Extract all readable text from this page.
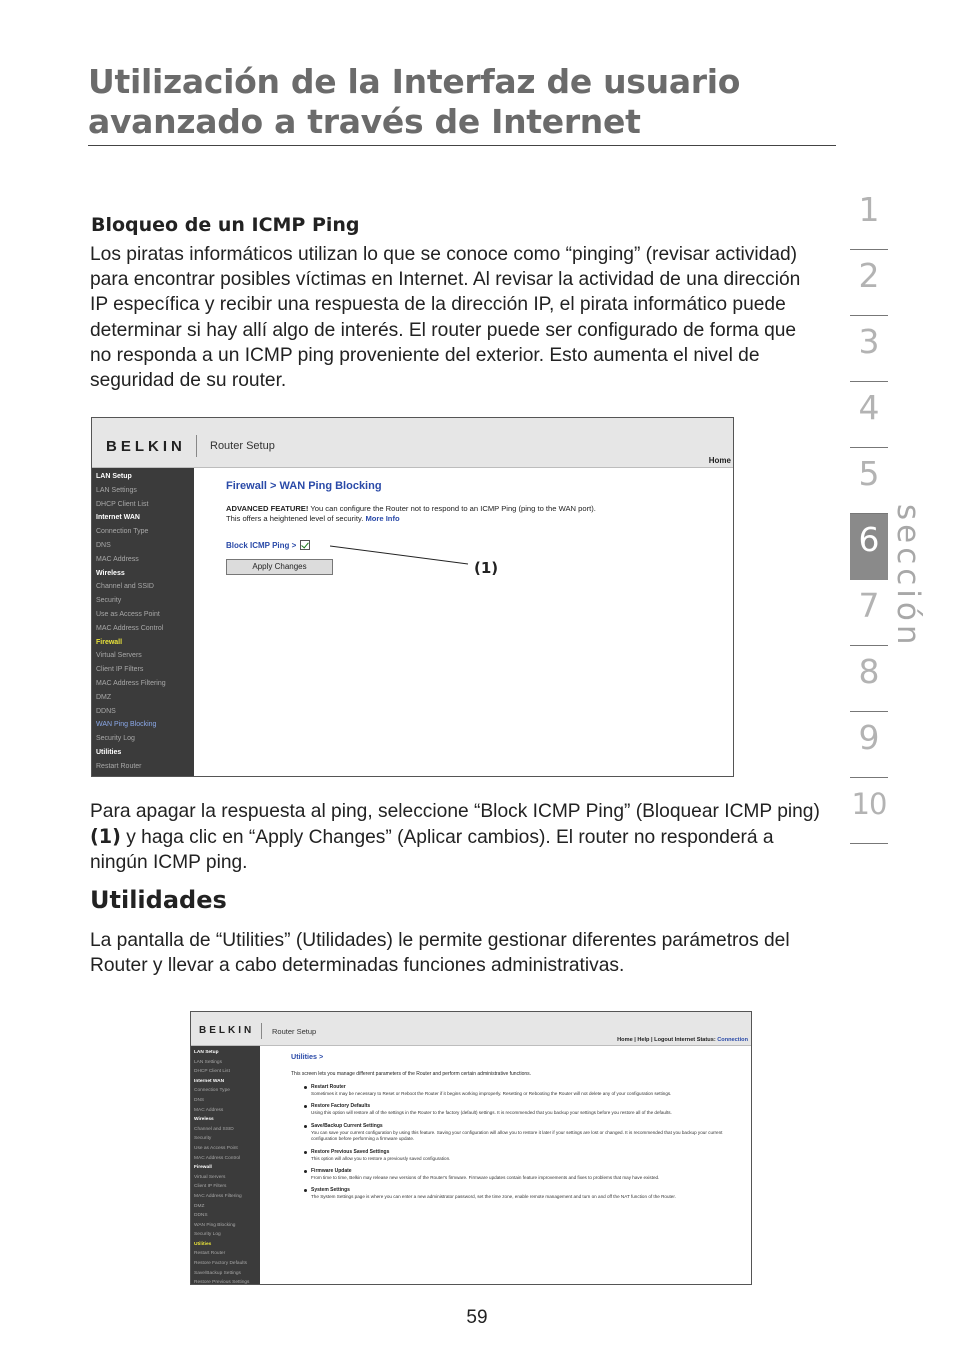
Utilización de la Interfaz de usuario avanzado a través de Internet
1
2
3
4
5
6
7
8
9
10
sección
Bloqueo de un ICMP Ping

Los piratas informáticos utilizan lo que se conoce como “pinging” (revisar actividad) para encontrar posibles víctimas en Internet. Al revisar la actividad de una dirección IP específica y recibir una respuesta de la dirección IP, el pirata informático puede determinar si hay allí algo de interés. El router puede ser configurado de forma que no responda a un ICMP ping proveniente del exterior. Esto aumenta el nivel de seguridad de su router.

BELKIN Router Setup
Home
LAN Setup
LAN Settings
DHCP Client List
Internet WAN
Connection Type
DNS
MAC Address
Wireless
Channel and SSID
Security
Use as Access Point
MAC Address Control
Firewall
Virtual Servers
Client IP Filters
MAC Address Filtering
DMZ
DDNS
WAN Ping Blocking
Security Log
Utilities
Restart Router
Firewall > WAN Ping Blocking
ADVANCED FEATURE! You can configure the Router not to respond to an ICMP Ping (ping to the WAN port).
This offers a heightened level of security. More Info
Block ICMP Ping >
Apply Changes	(1)

Para apagar la respuesta al ping, seleccione “Block ICMP Ping” (Bloquear ICMP ping) (1) y haga clic en “Apply Changes” (Aplicar cambios). El router no responderá a ningún ICMP ping.

Utilidades

La pantalla de “Utilities” (Utilidades) le permite gestionar diferentes parámetros del Router y llevar a cabo determinadas funciones administrativas.

BELKIN Router Setup
Home | Help | Logout Internet Status: Connection
LAN Setup
LAN Settings
DHCP Client List
Internet WAN
Connection Type
DNS
MAC Address
Wireless
Channel and SSID
Security
Use as Access Point
MAC Address Control
Firewall
Virtual Servers
Client IP Filters
MAC Address Filtering
DMZ
DDNS
WAN Ping Blocking
Security Log
Utilities
Restart Router
Restore Factory Defaults
Save/Backup Settings
Restore Previous Settings
Utilities >
This screen lets you manage different parameters of the Router and perform certain administrative functions.
Restart Router
Sometimes it may be necessary to Reset or Reboot the Router if it begins working improperly. Resetting or Rebooting the Router will not delete any of your configuration settings.
Restore Factory Defaults
Using this option will restore all of the settings in the Router to the factory (default) settings. It is recommended that you backup your settings before you restore all of the defaults.
Save/Backup Current Settings
You can save your current configuration by using this feature. Saving your configuration will allow you to restore it later if your settings are lost or changed. It is recommended that you backup your current configuration before performing a firmware update.
Restore Previous Saved Settings
This option will allow you to restore a previously saved configuration.
Firmware Update
From time to time, Belkin may release new versions of the Router's firmware. Firmware updates contain feature improvements and fixes to problems that may have existed.
System Settings
The System Settings page is where you can enter a new administrator password, set the time zone, enable remote management and turn on and off the NAT function of the Router.
59
